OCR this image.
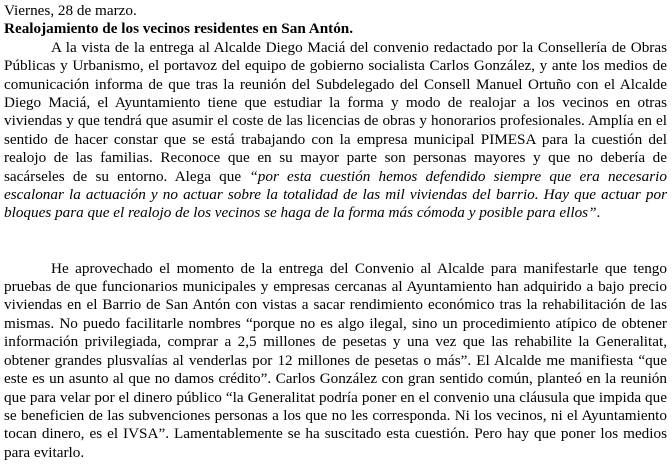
Viernes, 28 de marzo.
Realojamiento de los vecinos residentes en San Antón.

A la vista de la entrega al Alcalde Diego Maciá del convenio redactado por la Consellería de Obras Públicas y Urbanismo, el portavoz del equipo de gobierno socialista Carlos González, y ante los medios de comunicación informa de que tras la reunión del Subdelegado del Consell Manuel Ortuño con el Alcalde Diego Maciá, el Ayuntamiento tiene que estudiar la forma y modo de realojar a los vecinos en otras viviendas y que tendrá que asumir el coste de las licencias de obras y honorarios profesionales. Amplía en el sentido de hacer constar que se está trabajando con la empresa municipal PIMESA para la cuestión del realojo de las familias. Reconoce que en su mayor parte son personas mayores y que no debería de sacárseles de su entorno. Alega que “por esta cuestión hemos defendido siempre que era necesario escalonar la actuación y no actuar sobre la totalidad de las mil viviendas del barrio. Hay que actuar por bloques para que el realojo de los vecinos se haga de la forma más cómoda y posible para ellos”.

He aprovechado el momento de la entrega del Convenio al Alcalde para manifestarle que tengo pruebas de que funcionarios municipales y empresas cercanas al Ayuntamiento han adquirido a bajo precio viviendas en el Barrio de San Antón con vistas a sacar rendimiento económico tras la rehabilitación de las mismas. No puedo facilitarle nombres “porque no es algo ilegal, sino un procedimiento atípico de obtener información privilegiada, comprar a 2,5 millones de pesetas y una vez que las rehabilite la Generalitat, obtener grandes plusvalías al venderlas por 12 millones de pesetas o más”. El Alcalde me manifiesta “que este es un asunto al que no damos crédito”. Carlos González con gran sentido común, planteó en la reunión que para velar por el dinero público “la Generalitat podría poner en el convenio una cláusula que impida que se beneficien de las subvenciones personas a los que no les corresponda. Ni los vecinos, ni el Ayuntamiento tocan dinero, es el IVSA”. Lamentablemente se ha suscitado esta cuestión. Pero hay que poner los medios para evitarlo.
